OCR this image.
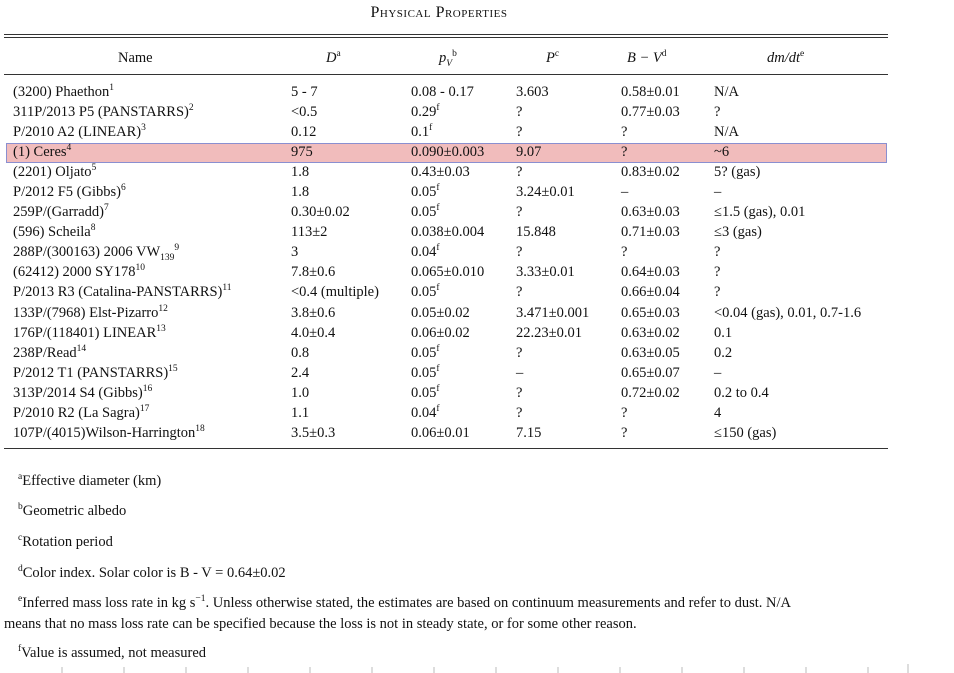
Physical Properties
Name	$D^a$	$p_V^b$	$P^c$	$B - V^d$	$dm/dt^e$
(3200) Phaethon$^1$	5 - 7	0.08 - 0.17	3.603	0.58±0.01	N/A
311P/2013 P5 (PANSTARRS)$^2$	<0.5	0.29$^f$	?	0.77±0.03	?
P/2010 A2 (LINEAR)$^3$	0.12	0.1$^f$	?	?	N/A
(1) Ceres$^4$	975	0.090±0.003	9.07	?	~6
(2201) Oljato$^5$	1.8	0.43±0.03	?	0.83±0.02	5? (gas)
P/2012 F5 (Gibbs)$^6$	1.8	0.05$^f$	3.24±0.01	–	–
259P/(Garradd)$^7$	0.30±0.02	0.05$^f$	?	0.63±0.03	≤1.5 (gas), 0.01
(596) Scheila$^8$	113±2	0.038±0.004	15.848	0.71±0.03	≤3 (gas)
288P/(300163) 2006 $VW_{139}^9$	3	0.04$^f$	?	?	?
(62412) 2000 $SY178^{10}$	7.8±0.6	0.065±0.010	3.33±0.01	0.64±0.03	?
P/2013 R3 (Catalina-PANSTARRS)$^{11}$	<0.4 (multiple)	0.05$^f$	?	0.66±0.04	?
133P/(7968) Elst-Pizarro$^{12}$	3.8±0.6	0.05±0.02	3.471±0.001	0.65±0.03	<0.04 (gas), 0.01, 0.7-1.6
176P/(118401) LINEAR$^{13}$	4.0±0.4	0.06±0.02	22.23±0.01	0.63±0.02	0.1
238P/Read$^{14}$	0.8	0.05$^f$	?	0.63±0.05	0.2
P/2012 T1 (PANSTARRS)$^{15}$	2.4	0.05$^f$	–	0.65±0.07	–
313P/2014 S4 (Gibbs)$^{16}$	1.0	0.05$^f$	?	0.72±0.02	0.2 to 0.4
P/2010 R2 (La Sagra)$^{17}$	1.1	0.04$^f$	?	?	4
107P/(4015)Wilson-Harrington$^{18}$	3.5±0.3	0.06±0.01	7.15	?	≤150 (gas)
$^a$Effective diameter (km)
$^b$Geometric albedo
$^c$Rotation period
$^d$Color index. Solar color is B - V = 0.64±0.02
$^e$Inferred mass loss rate in kg $s^{-1}$. Unless otherwise stated, the estimates are based on continuum measurements and refer to dust. N/A
means that no mass loss rate can be specified because the loss is not in steady state, or for some other reason.
$^f$Value is assumed, not measured
